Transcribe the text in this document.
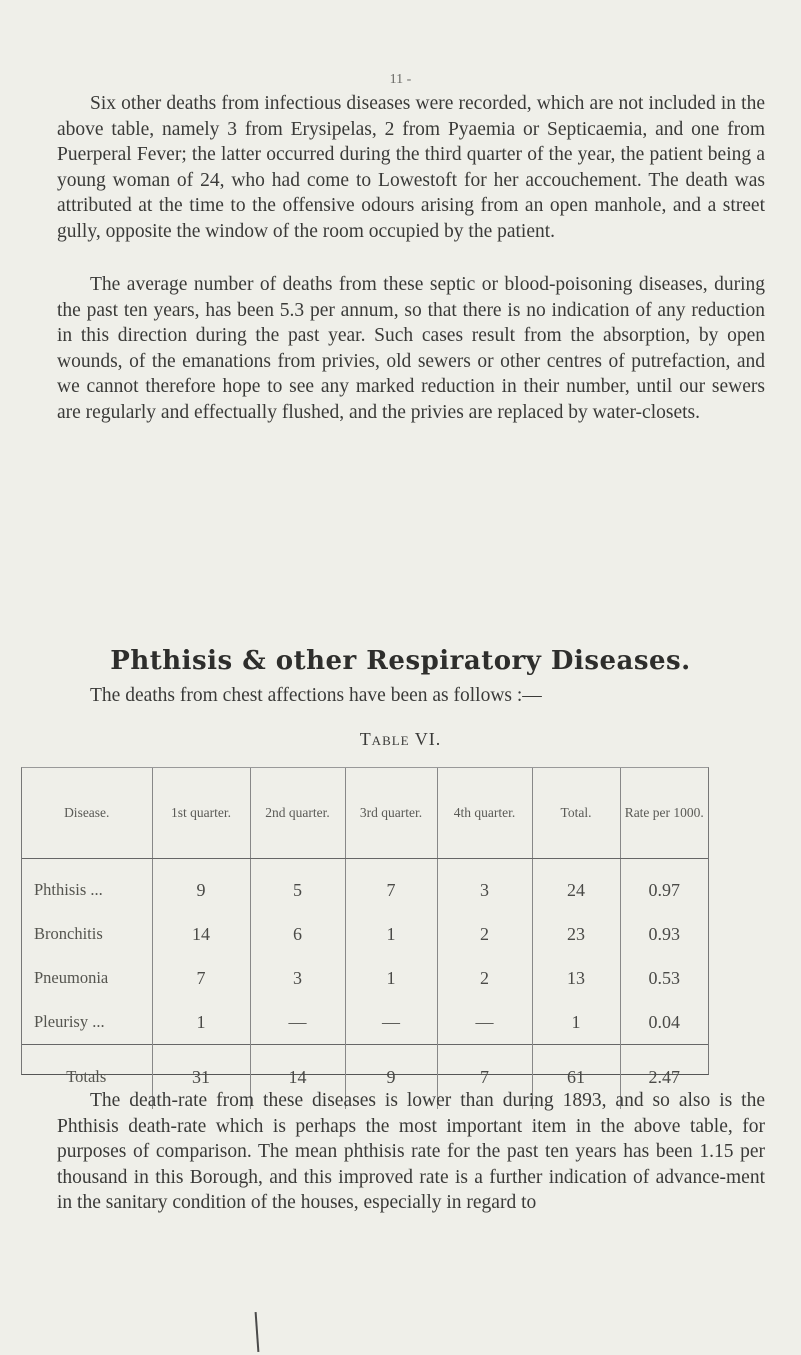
11 -

Six other deaths from infectious diseases were recorded, which are not included in the above table, namely 3 from Erysipelas, 2 from Pyaemia or Septicaemia, and one from Puerperal Fever; the latter occurred during the third quarter of the year, the patient being a young woman of 24, who had come to Lowestoft for her accouchement. The death was attributed at the time to the offensive odours arising from an open manhole, and a street gully, opposite the window of the room occupied by the patient.

The average number of deaths from these septic or blood-poisoning diseases, during the past ten years, has been 5.3 per annum, so that there is no indication of any reduction in this direction during the past year. Such cases result from the absorption, by open wounds, of the emanations from privies, old sewers or other centres of putrefaction, and we cannot therefore hope to see any marked reduction in their number, until our sewers are regularly and effectually flushed, and the privies are replaced by water-closets.

Phthisis & other Respiratory Diseases.
The deaths from chest affections have been as follows :—
Table VI.
Disease.	1st quarter.	2nd quarter.	3rd quarter.	4th quarter.	Total.	Rate per 1000.
Phthisis ...	9	5	7	3	24	0.97
Bronchitis	14	6	1	2	23	0.93
Pneumonia	7	3	1	2	13	0.53
Pleurisy ...	1	—	—	—	1	0.04
Totals	31	14	9	7	61	2.47

The death-rate from these diseases is lower than during 1893, and so also is the Phthisis death-rate which is perhaps the most important item in the above table, for purposes of comparison. The mean phthisis rate for the past ten years has been 1.15 per thousand in this Borough, and this improved rate is a further indication of advance-ment in the sanitary condition of the houses, especially in regard to
